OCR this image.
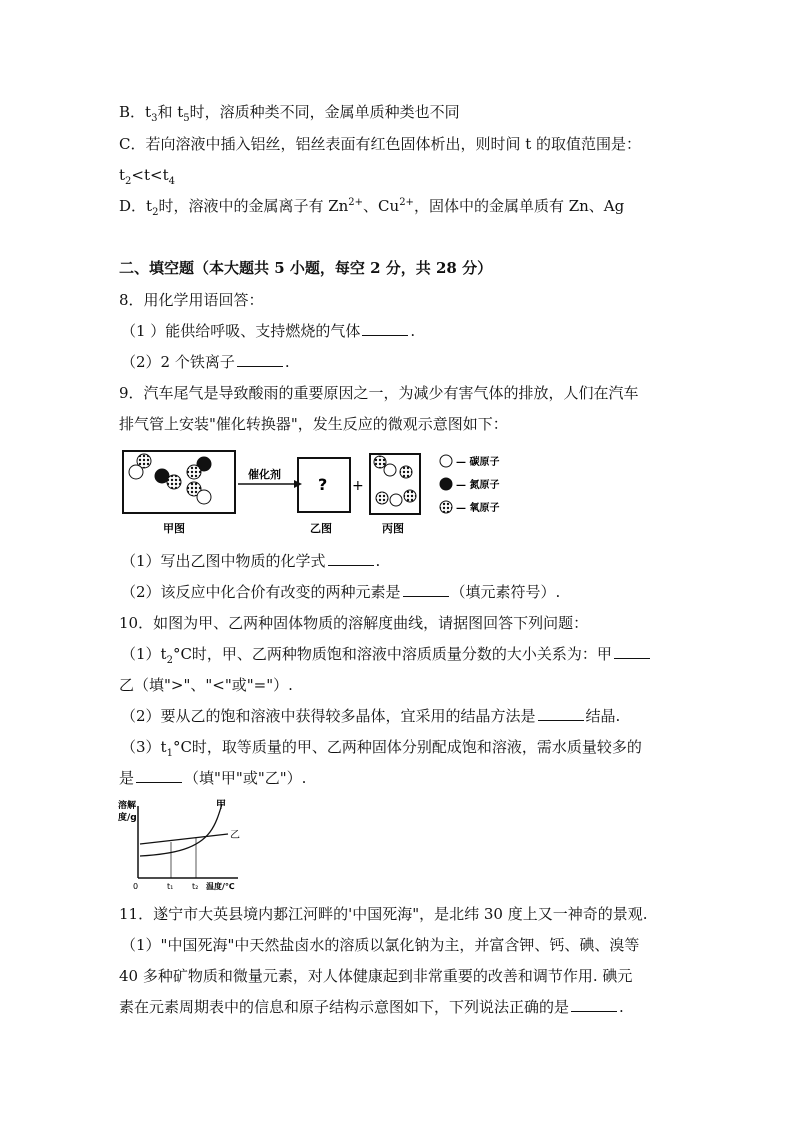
B．$t_3$和 $t_5$时，溶质种类不同，金属单质种类也不同
C．若向溶液中插入铝丝，铝丝表面有红色固体析出，则时间 t 的取值范围是：
$t_2<t<t_4$
D．$t_2$时，溶液中的金属离子有 $Zn^{2+}$、$Cu^{2+}$，固体中的金属单质有 Zn、Ag
二、填空题（本大题共 5 小题，每空 2 分，共 28 分）
8．用化学用语回答：
（1 ）能供给呼吸、支持燃烧的气体	.
（2）2 个铁离子	.
9．汽车尾气是导致酸雨的重要原因之一，为减少有害气体的排放，人们在汽车
排气管上安装"催化转换器"，发生反应的微观示意图如下：
催化剂
? +
— 碳原子
— 氮原子
— 氧原子
甲图	乙图	丙图
（1）写出乙图中物质的化学式	.
（2）该反应中化合价有改变的两种元素是	（填元素符号）.
10．如图为甲、乙两种固体物质的溶解度曲线，请据图回答下列问题：
$(1)t_2^\circ C$时，甲、乙两种物质饱和溶液中溶质质量分数的大小关系为：甲
乙（填">"、"<"或"="）.
（2）要从乙的饱和溶液中获得较多晶体，宜采用的结晶方法是	结晶.
$(3)t_1^\circ C$时，取等质量的甲、乙两种固体分别配成饱和溶液，需水质量较多的
是	（填"甲"或"乙"）.
溶解
度/g
甲
乙
0	t₁ t₂ 温度/℃
11．遂宁市大英县境内郪江河畔的'中国死海"，是北纬 30 度上又一神奇的景观.
（1）"中国死海"中天然盐卤水的溶质以氯化钠为主，并富含钾、钙、碘、溴等
40 多种矿物质和微量元素，对人体健康起到非常重要的改善和调节作用. 碘元
素在元素周期表中的信息和原子结构示意图如下，下列说法正确的是	.
